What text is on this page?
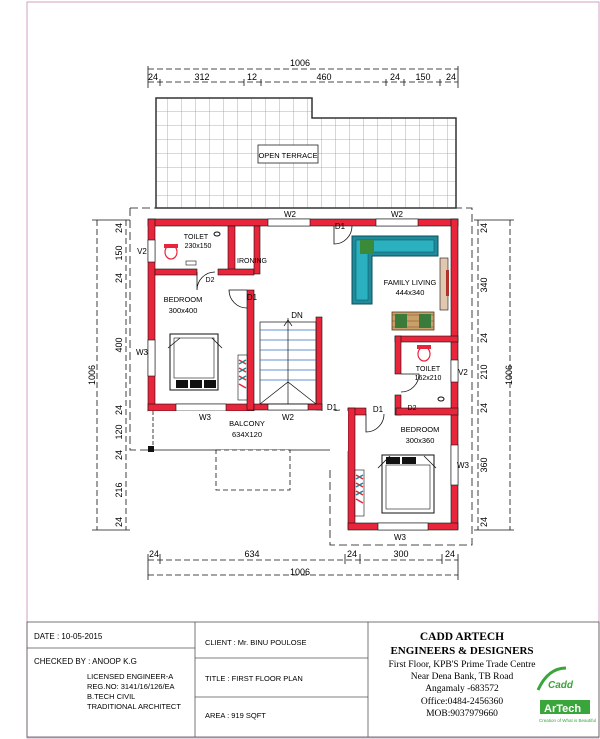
1006
24	312	12	460	24 150 24
24	634	24	300	24
1006
24
150
24
400
24
120
24
216
24
1006
24
340
24
210
24
360
24
1006
OPEN TERRACE
DN
TOILET
230x150
IRONING
BEDROOM
300x400
FAMILY LIVING
444x340
TOILET
162x210
BALCONY
634X120
BEDROOM
300x360
W2	W2
W2
W3
W3
W3
W3
V2
V2
D1
D1
D1	D1
D2
D2
DATE : 10-05-2015
CHECKED BY : ANOOP K.G
LICENSED ENGINEER-A
REG.NO: 3141/16/126/EA
B.TECH CIVIL
TRADITIONAL ARCHITECT
CLIENT : Mr. BINU POULOSE
TITLE : FIRST FLOOR PLAN
AREA : 919 SQFT
CADD ARTECH
ENGINEERS & DESIGNERS
First Floor, KPB'S Prime Trade Centre
Near Dena Bank, TB Road
Angamaly -683572
Office:0484-2456360
MOB:9037979660
Cadd
ArTech
Creation of What is Beautiful
